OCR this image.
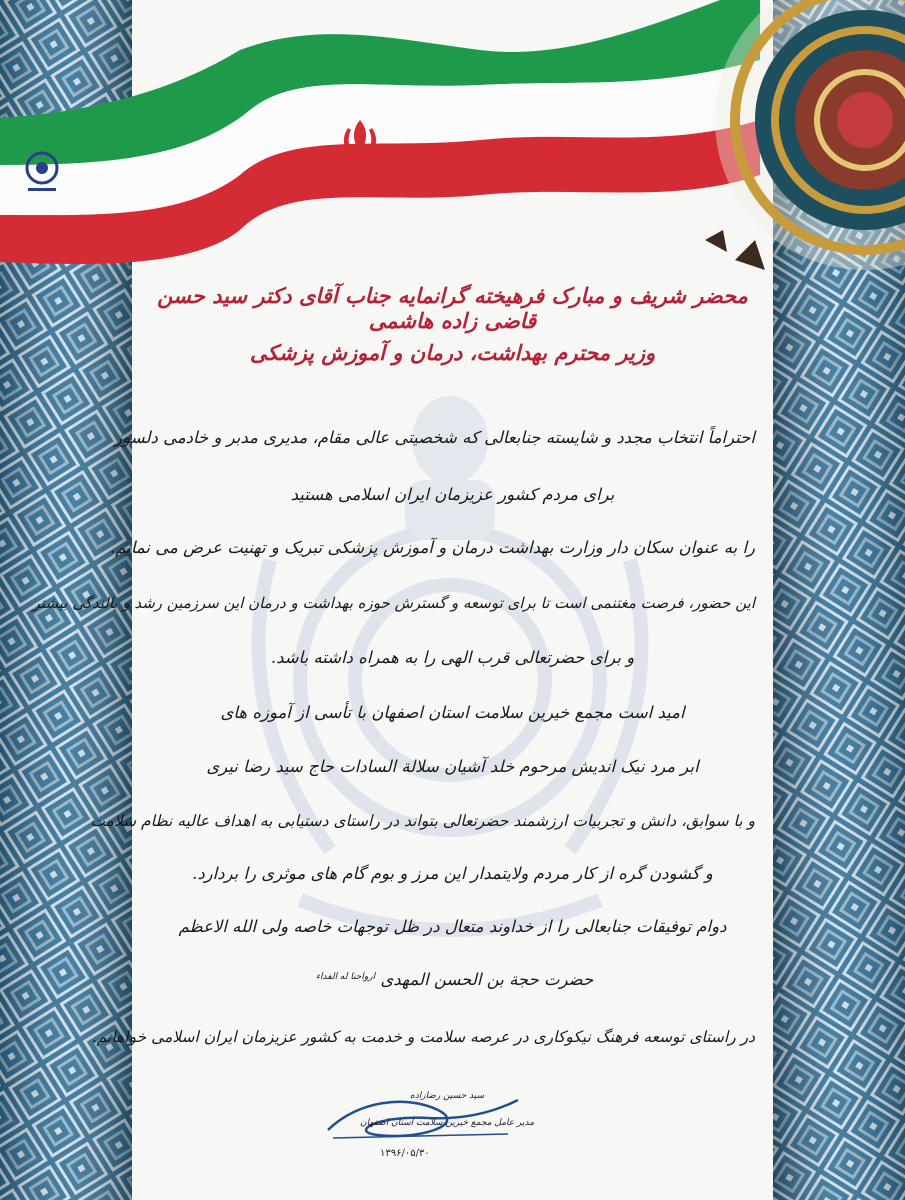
محضر شریف و مبارک فرهیخته گرانمایه جناب آقای دکتر سید حسن قاضی زاده هاشمی
وزیر محترم بهداشت، درمان و آموزش پزشکی
احتراماً انتخاب مجدد و شایسته جنابعالی که شخصیتی عالی مقام، مدیری مدبر و خادمی دلسوز
برای مردم کشور عزیزمان ایران اسلامی هستید
را به عنوان سکان دار وزارت بهداشت درمان و آموزش پزشکی تبریک و تهنیت عرض می نمایم.
این حضور، فرصت مغتنمی است تا برای توسعه و گسترش حوزه بهداشت و درمان این سرزمین رشد و بالندگی بیشتر
و برای حضرتعالی قرب الهی را به همراه داشته باشد.
امید است مجمع خیرین سلامت استان اصفهان با تأسی از آموزه های
ابر مرد نیک اندیش مرحوم خلد آشیان سلالة السادات حاج سید رضا نیری
و با سوابق، دانش و تجربیات ارزشمند حضرتعالی بتواند در راستای دستیابی به اهداف عالیه نظام سلامت
و گشودن گره از کار مردم ولایتمدار این مرز و بوم گام های موثری را بردارد.
دوام توفیقات جنابعالی را از خداوند متعال در ظل توجهات خاصه ولی الله الاعظم
حضرت حجة بن الحسن المهدی $^{ارواحنا له الفداء}$
در راستای توسعه فرهنگ نیکوکاری در عرصه سلامت و خدمت به کشور عزیزمان ایران اسلامی خواهانم.
سید حسین رضازاده
مدیر عامل مجمع خیرین سلامت استان اصفهان
۱۳۹۶/۰۵/۳۰
